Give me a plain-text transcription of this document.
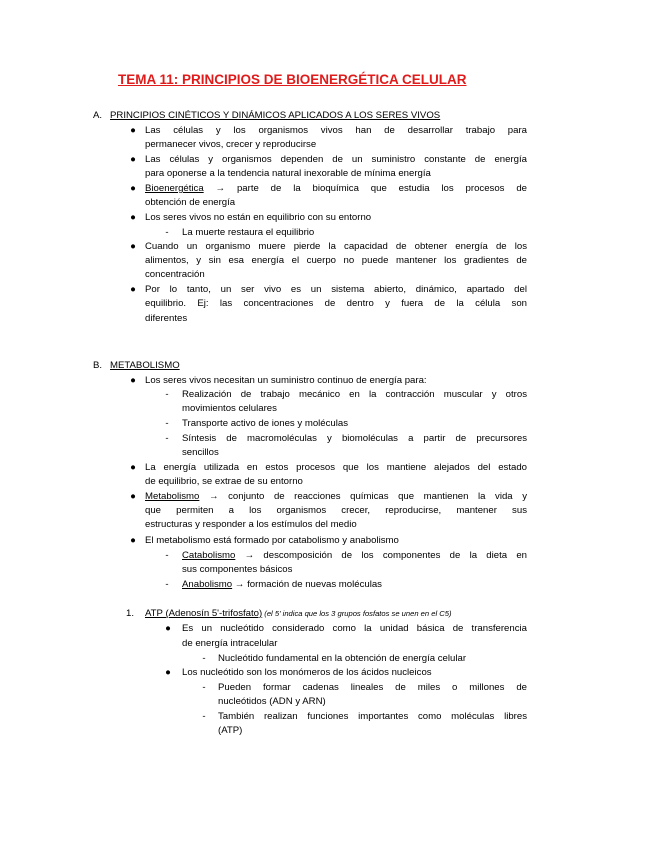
TEMA 11: PRINCIPIOS DE BIOENERGÉTICA CELULAR
A. PRINCIPIOS CINÉTICOS Y DINÁMICOS APLICADOS A LOS SERES VIVOS
● Las células y los organismos vivos han de desarrollar trabajo para
permanecer vivos, crecer y reproducirse
● Las células y organismos dependen de un suministro constante de energía
para oponerse a la tendencia natural inexorable de mínima energía
● Bioenergética → parte de la bioquímica que estudia los procesos de
obtención de energía
● Los seres vivos no están en equilibrio con su entorno
-	La muerte restaura el equilibrio
● Cuando un organismo muere pierde la capacidad de obtener energía de los
alimentos, y sin esa energía el cuerpo no puede mantener los gradientes de
concentración
● Por lo tanto, un ser vivo es un sistema abierto, dinámico, apartado del
equilibrio. Ej: las concentraciones de dentro y fuera de la célula son
diferentes
B. METABOLISMO
● Los seres vivos necesitan un suministro continuo de energía para:
-	Realización de trabajo mecánico en la contracción muscular y otros
movimientos celulares
-	Transporte activo de iones y moléculas
-	Síntesis de macromoléculas y biomoléculas a partir de precursores
sencillos
● La energía utilizada en estos procesos que los mantiene alejados del estado
de equilibrio, se extrae de su entorno
● Metabolismo → conjunto de reacciones químicas que mantienen la vida y
que permiten a los organismos crecer, reproducirse, mantener sus
estructuras y responder a los estímulos del medio
● El metabolismo está formado por catabolismo y anabolismo
-	Catabolismo → descomposición de los componentes de la dieta en
sus componentes básicos
-	Anabolismo → formación de nuevas moléculas
1. ATP (Adenosín 5'-trifosfato) (el 5' indica que los 3 grupos fosfatos se unen en el C5)
● Es un nucleótido considerado como la unidad básica de transferencia
de energía intracelular
-	Nucleótido fundamental en la obtención de energía celular
● Los nucleótido son los monómeros de los ácidos nucleicos
-	Pueden formar cadenas lineales de miles o millones de
nucleótidos (ADN y ARN)
-	También realizan funciones importantes como moléculas libres
(ATP)
